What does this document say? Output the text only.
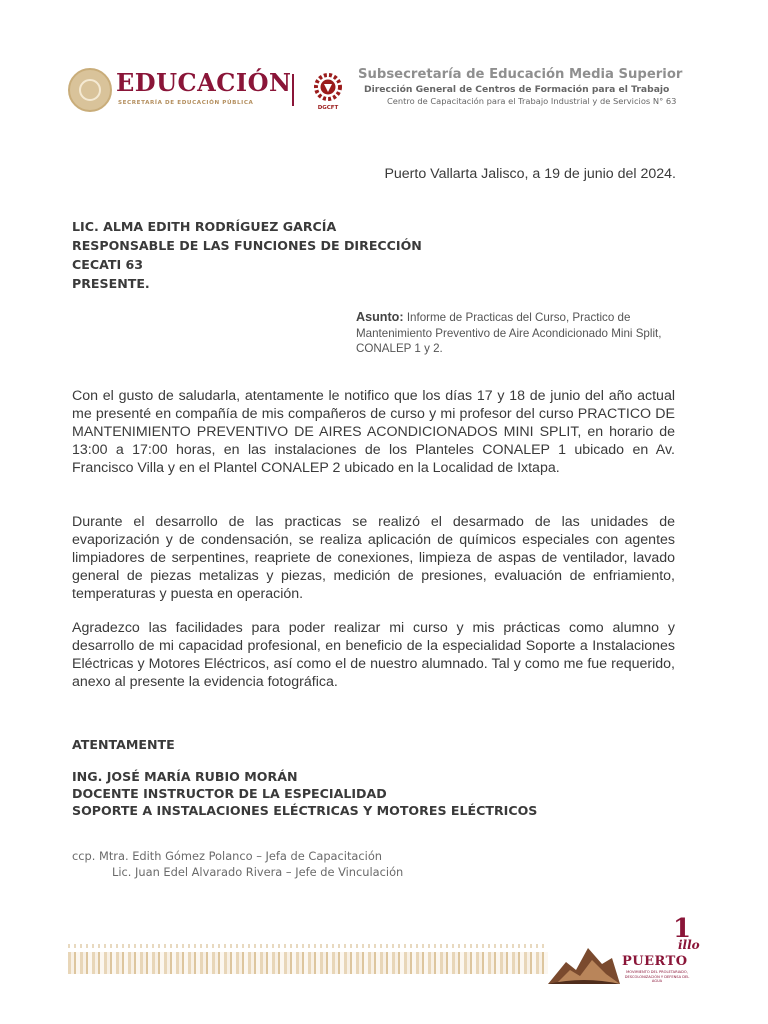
EDUCACIÓN
SECRETARÍA DE EDUCACIÓN PÚBLICA
DGCFT
Subsecretaría de Educación Media Superior
Dirección General de Centros de Formación para el Trabajo
Centro de Capacitación para el Trabajo Industrial y de Servicios N° 63
Puerto Vallarta Jalisco, a 19 de junio del 2024.
LIC. ALMA EDITH RODRÍGUEZ GARCÍA
RESPONSABLE DE LAS FUNCIONES DE DIRECCIÓN
CECATI 63
PRESENTE.
Asunto: Informe de Practicas del Curso, Practico de Mantenimiento Preventivo de Aire Acondicionado Mini Split, CONALEP 1 y 2.

Con el gusto de saludarla, atentamente le notifico que los días 17 y 18 de junio del año actual me presenté en compañía de mis compañeros de curso y mi profesor del curso PRACTICO DE MANTENIMIENTO PREVENTIVO DE AIRES ACONDICIONADOS MINI SPLIT, en horario de 13:00 a 17:00 horas, en las instalaciones de los Planteles CONALEP 1 ubicado en Av. Francisco Villa y en el Plantel CONALEP 2 ubicado en la Localidad de Ixtapa.

Durante el desarrollo de las practicas se realizó el desarmado de las unidades de evaporización y de condensación, se realiza aplicación de químicos especiales con agentes limpiadores de serpentines, reapriete de conexiones, limpieza de aspas de ventilador, lavado general de piezas metalizas y piezas, medición de presiones, evaluación de enfriamiento, temperaturas y puesta en operación.

Agradezco las facilidades para poder realizar mi curso y mis prácticas como alumno y desarrollo de mi capacidad profesional, en beneficio de la especialidad Soporte a Instalaciones Eléctricas y Motores Eléctricos, así como el de nuestro alumnado. Tal y como me fue requerido, anexo al presente la evidencia fotográfica.

ATENTAMENTE
ING. JOSÉ MARÍA RUBIO MORÁN
DOCENTE INSTRUCTOR DE LA ESPECIALIDAD
SOPORTE A INSTALACIONES ELÉCTRICAS Y MOTORES ELÉCTRICOS
ccp. Mtra. Edith Gómez Polanco – Jefa de Capacitación
Lic. Juan Edel Alvarado Rivera – Jefe de Vinculación
1
illo
PUERTO
MOVIMIENTO DEL PROLETARIADO, DESCOLONIZACIÓN Y DEFENSA DEL AGUA
